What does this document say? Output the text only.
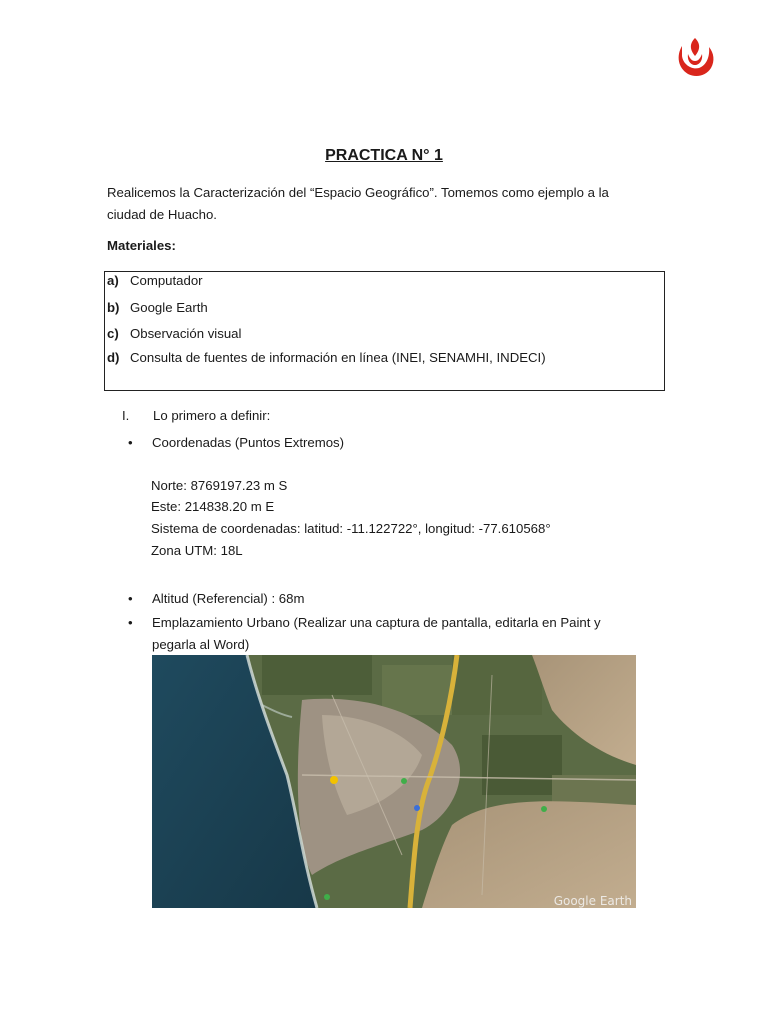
PRACTICA N° 1
Realicemos la Caracterización del “Espacio Geográfico”. Tomemos como ejemplo a la ciudad de Huacho.
Materiales:
a) Computador
b) Google Earth
c) Observación visual
d) Consulta de fuentes de información en línea (INEI, SENAMHI, INDECI)
I. Lo primero a definir:
• Coordenadas (Puntos Extremos)
Norte: 8769197.23 m S
Este: 214838.20 m E
Sistema de coordenadas: latitud: -11.122722°, longitud: -77.610568°
Zona UTM: 18L
• Altitud (Referencial) : 68m
• Emplazamiento Urbano (Realizar una captura de pantalla, editarla en Paint y pegarla al Word)
Google Earth
